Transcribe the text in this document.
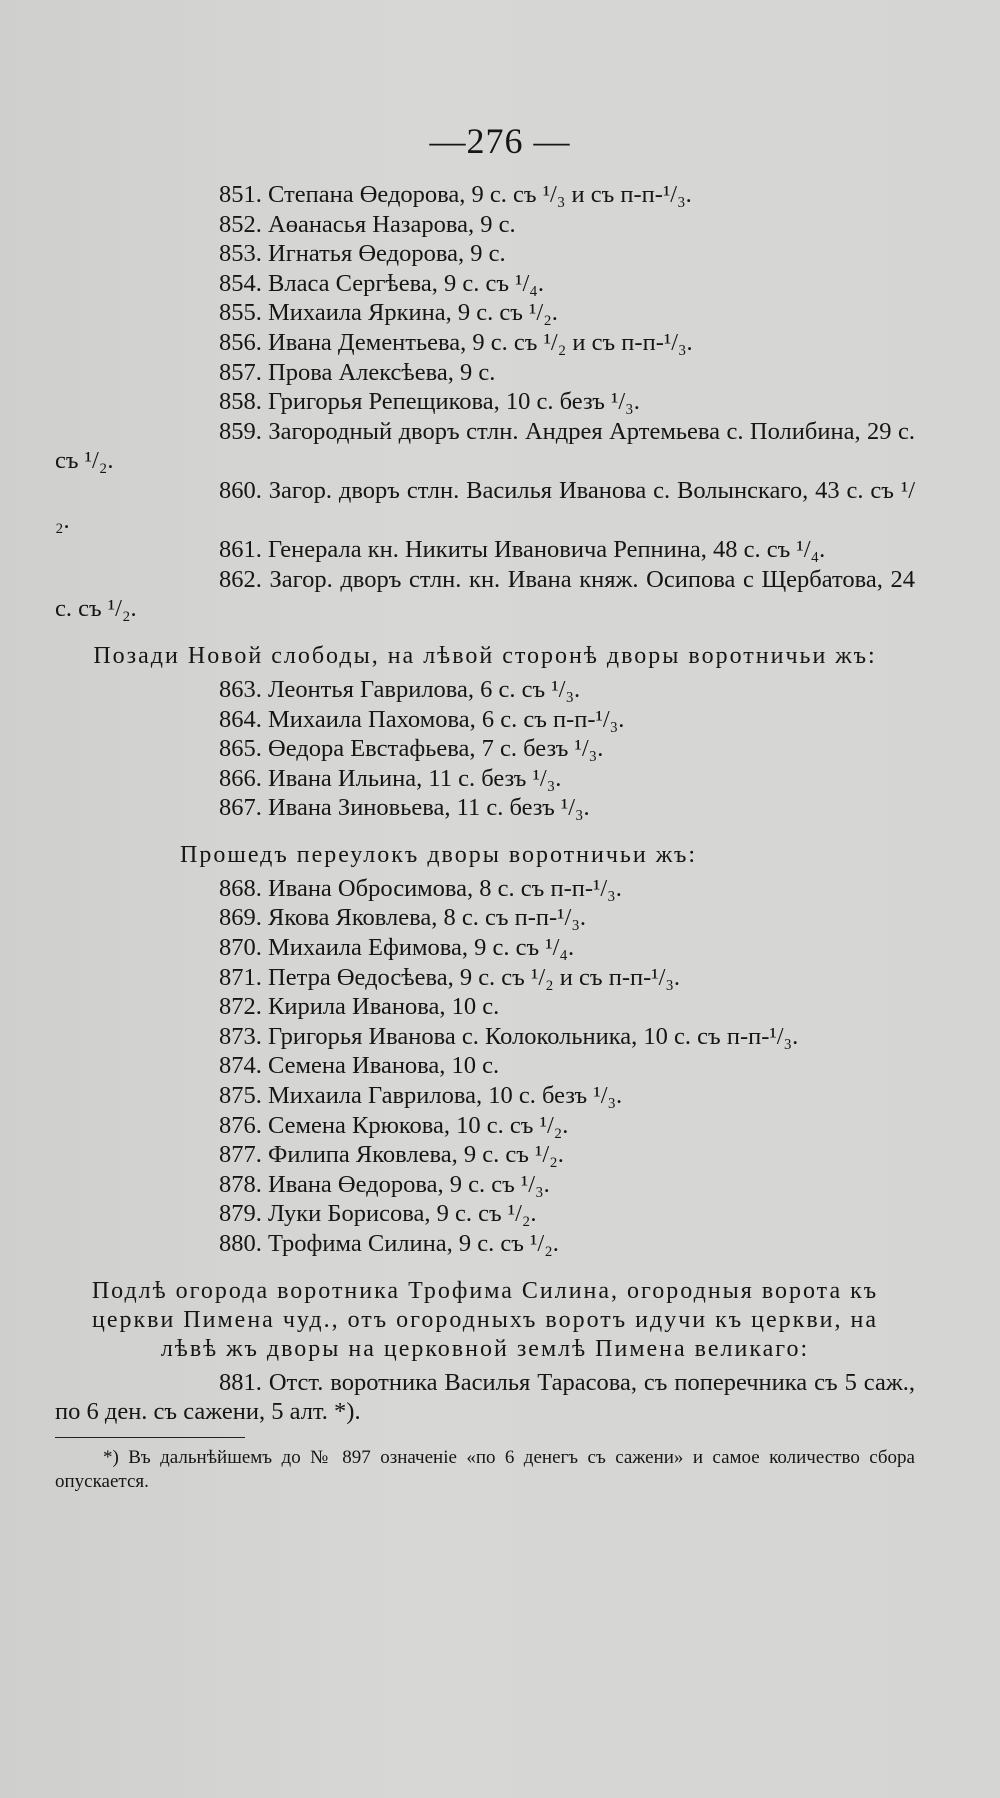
—276 —

851. Степана Өедорова, 9 с. съ ¹/₃ и съ п-п-¹/₃.

852. Аөанасья Назарова, 9 с.

853. Игнатья Өедорова, 9 с.

854. Власа Сергѣева, 9 с. съ ¹/₄.

855. Михаила Яркина, 9 с. съ ¹/₂.

856. Ивана Дементьева, 9 с. съ ¹/₂ и съ п-п-¹/₃.

857. Прова Алексѣева, 9 с.

858. Григорья Репещикова, 10 с. безъ ¹/₃.

859. Загородный дворъ стлн. Андрея Артемьева с. Полибина, 29 с. съ ¹/₂.

860. Загор. дворъ стлн. Василья Иванова с. Волынскаго, 43 с. съ ¹/₂.

861. Генерала кн. Никиты Ивановича Репнина, 48 с. съ ¹/₄.

862. Загор. дворъ стлн. кн. Ивана княж. Осипова с Щербатова, 24 с. съ ¹/₂.

Позади Новой слободы, на лѣвой сторонѣ дворы воротничьи жъ:

863. Леонтья Гаврилова, 6 с. съ ¹/₃.

864. Михаила Пахомова, 6 с. съ п-п-¹/₃.

865. Өедора Евстафьева, 7 с. безъ ¹/₃.

866. Ивана Ильина, 11 с. безъ ¹/₃.

867. Ивана Зиновьева, 11 с. безъ ¹/₃.

Прошедъ переулокъ дворы воротничьи жъ:

868. Ивана Обросимова, 8 с. съ п-п-¹/₃.

869. Якова Яковлева, 8 с. съ п-п-¹/₃.

870. Михаила Ефимова, 9 с. съ ¹/₄.

871. Петра Өедосѣева, 9 с. съ ¹/₂ и съ п-п-¹/₃.

872. Кирила Иванова, 10 с.

873. Григорья Иванова с. Колокольника, 10 с. съ п-п-¹/₃.

874. Семена Иванова, 10 с.

875. Михаила Гаврилова, 10 с. безъ ¹/₃.

876. Семена Крюкова, 10 с. съ ¹/₂.

877. Филипа Яковлева, 9 с. съ ¹/₂.

878. Ивана Өедорова, 9 с. съ ¹/₃.

879. Луки Борисова, 9 с. съ ¹/₂.

880. Трофима Силина, 9 с. съ ¹/₂.

Подлѣ огорода воротника Трофима Силина, огородныя ворота къ церкви Пимена чуд., отъ огородныхъ воротъ идучи къ церкви, на лѣвѣ жъ дворы на церковной землѣ Пимена великаго:

881. Отст. воротника Василья Тарасова, съ поперечника съ 5 саж., по 6 ден. съ сажени, 5 алт. *).

*) Въ дальнѣйшемъ до № 897 означеніе «по 6 денегъ съ сажени» и самое количество сбора опускается.
